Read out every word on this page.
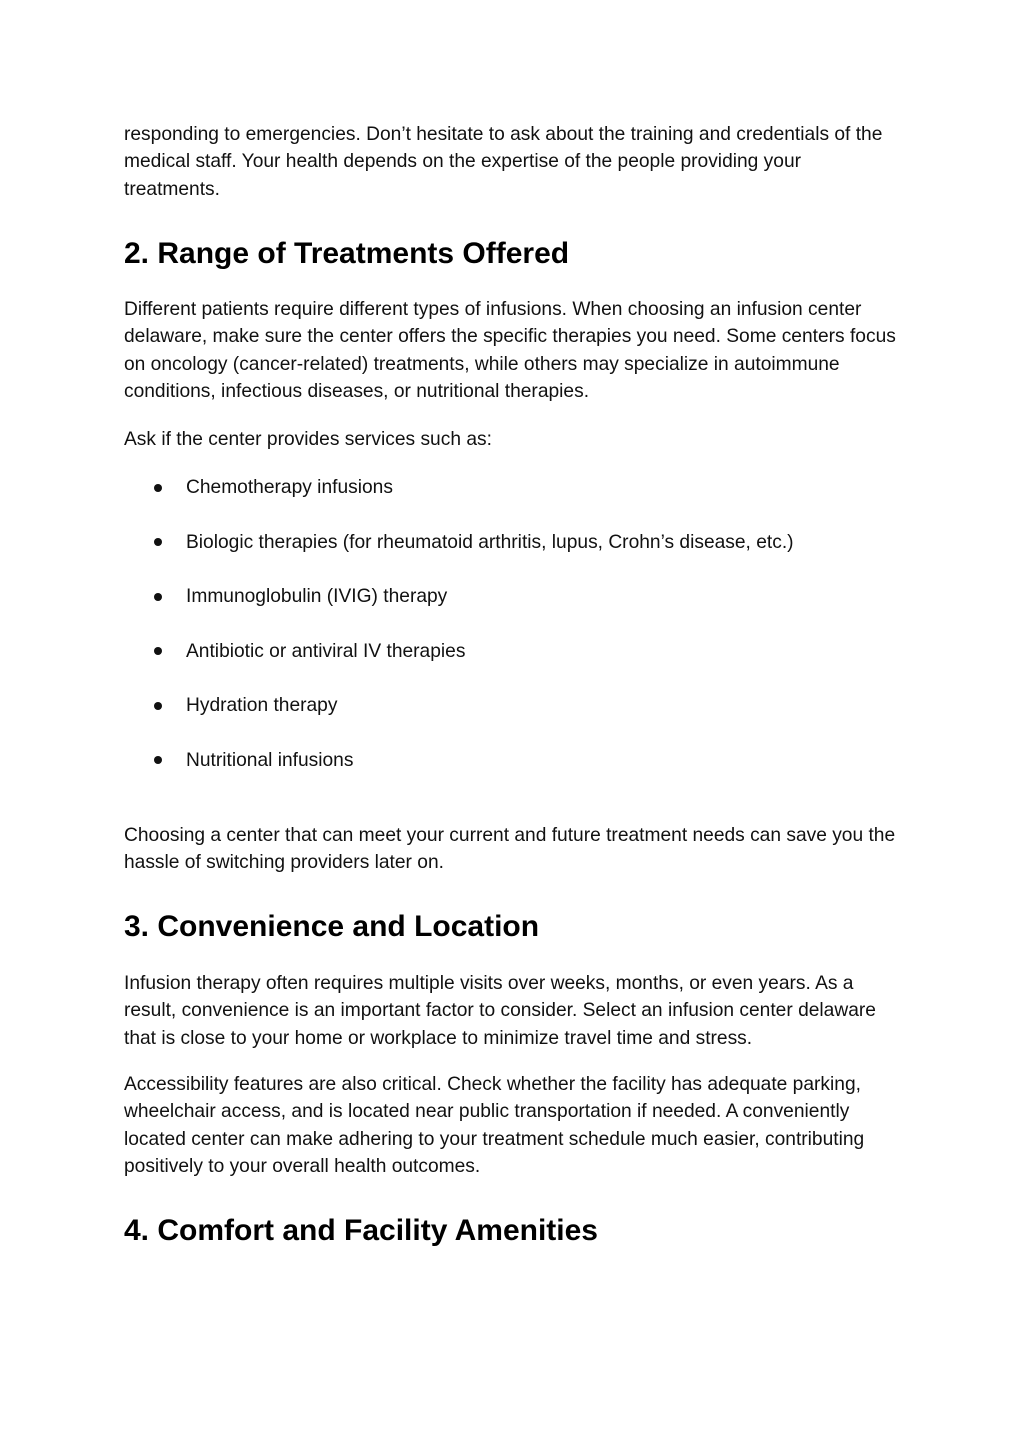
responding to emergencies. Don’t hesitate to ask about the training and credentials of the medical staff. Your health depends on the expertise of the people providing your treatments.

2. Range of Treatments Offered

Different patients require different types of infusions. When choosing an infusion center delaware, make sure the center offers the specific therapies you need. Some centers focus on oncology (cancer-related) treatments, while others may specialize in autoimmune conditions, infectious diseases, or nutritional therapies.

Ask if the center provides services such as:

Chemotherapy infusions
Biologic therapies (for rheumatoid arthritis, lupus, Crohn’s disease, etc.)
Immunoglobulin (IVIG) therapy
Antibiotic or antiviral IV therapies
Hydration therapy
Nutritional infusions

Choosing a center that can meet your current and future treatment needs can save you the hassle of switching providers later on.

3. Convenience and Location

Infusion therapy often requires multiple visits over weeks, months, or even years. As a result, convenience is an important factor to consider. Select an infusion center delaware that is close to your home or workplace to minimize travel time and stress.

Accessibility features are also critical. Check whether the facility has adequate parking, wheelchair access, and is located near public transportation if needed. A conveniently located center can make adhering to your treatment schedule much easier, contributing positively to your overall health outcomes.

4. Comfort and Facility Amenities
